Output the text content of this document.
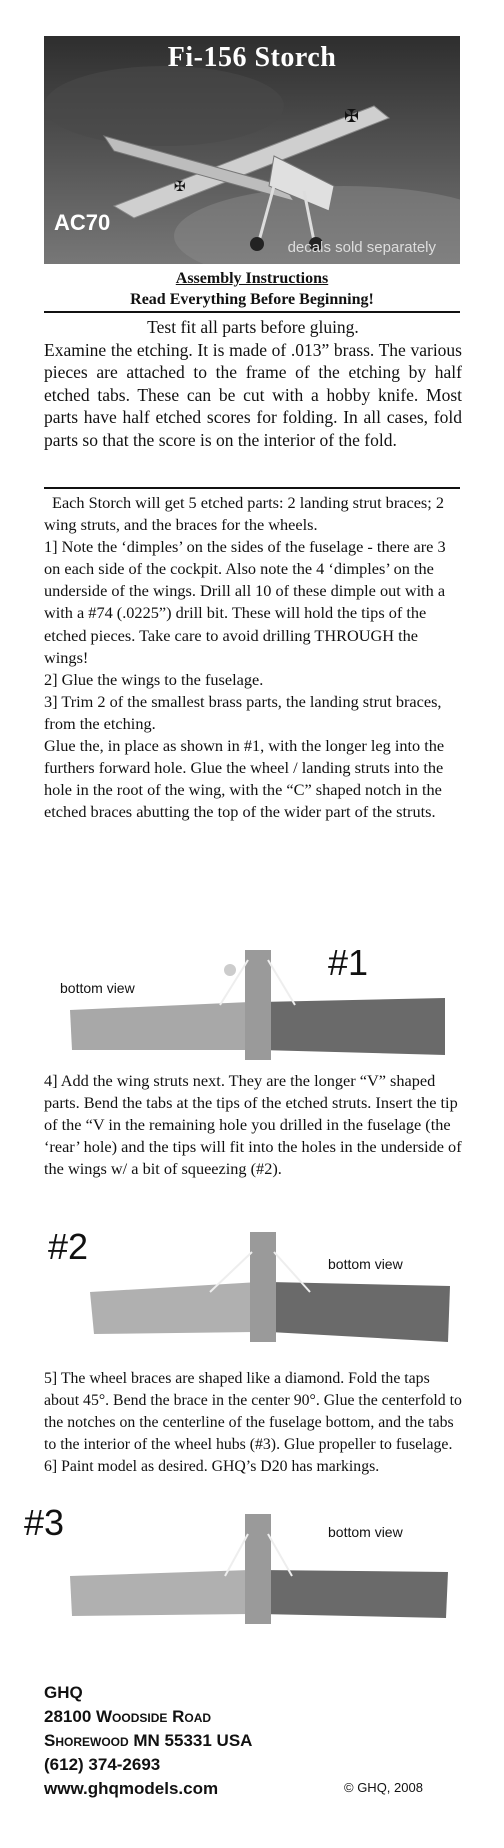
✠
✠
Fi-156 Storch
AC70
decals sold separately
Assembly Instructions
Read Everything Before Beginning!

Test fit all parts before gluing.

Examine the etching. It is made of .013” brass. The various pieces are attached to the frame of the etching by half etched tabs. These can be cut with a hobby knife. Most parts have half etched scores for folding. In all cases, fold parts so that the score is on the interior of the fold.

Each Storch will get 5 etched parts: 2 landing strut braces; 2 wing struts, and the braces for the wheels.

1] Note the ‘dimples’ on the sides of the fuselage - there are 3 on each side of the cockpit. Also note the 4 ‘dimples’ on the underside of the wings. Drill all 10 of these dimple out with a with a #74 (.0225”) drill bit. These will hold the tips of the etched pieces. Take care to avoid drilling THROUGH the wings!

2] Glue the wings to the fuselage.

3] Trim 2 of the smallest brass parts, the landing strut braces, from the etching.

Glue the, in place as shown in #1, with the longer leg into the furthers forward hole. Glue the wheel / landing struts into the hole in the root of the wing, with the “C” shaped notch in the etched braces abutting the top of the wider part of the struts.

bottom view
#1

4] Add the wing struts next. They are the longer “V” shaped parts. Bend the tabs at the tips of the etched struts. Insert the tip of the “V in the remaining hole you drilled in the fuselage (the ‘rear’ hole) and the tips will fit into the holes in the underside of the wings w/ a bit of squeezing (#2).

bottom view
#2

5] The wheel braces are shaped like a diamond. Fold the taps about 45°. Bend the brace in the center 90°. Glue the centerfold to the notches on the centerline of the fuselage bottom, and the tabs to the interior of the wheel hubs (#3). Glue propeller to fuselage.

6] Paint model as desired. GHQ’s D20 has markings.

bottom view
#3
GHQ
28100 Woodside Road
Shorewood MN 55331 USA
(612) 374-2693
www.ghqmodels.com	© GHQ, 2008
